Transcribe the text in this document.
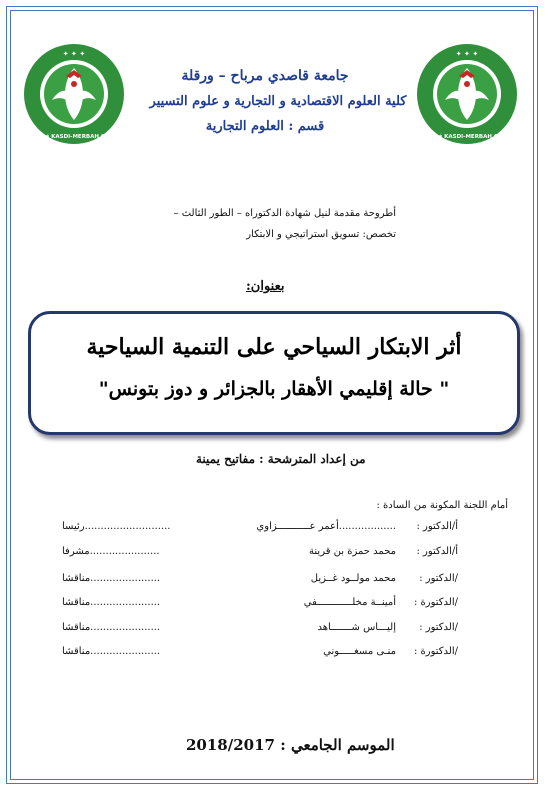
✦ ✦ ✦
Université KASDI-MERBAH OUARGLA
✦ ✦ ✦
Université KASDI-MERBAH OUARGLA
جامعة قاصدي مرباح – ورقلة
كلية العلوم الاقتصادية و التجارية و علوم التسيير
قسم : العلوم التجارية
أطروحة مقدمة لنيل شهادة الدكتوراه – الطور الثالث –
تخصص: تسويق استراتيجي و الابتكار
بعنوان:
أثر الابتكار السياحي على التنمية السياحية
" حالة إقليمي الأهقار بالجزائر و دوز بتونس"
من إعداد المترشحة : مفاتيح يمينة
أمام اللجنة المكونة من السادة :
أ/الدكتور :
..................أعمر عـــــــــــزاوي
...........................رئيسا
أ/الدكتور :
محمد حمزة بن قرينة
......................مشرفا
/الدكتور :
محمد مولــود غــزيل
......................مناقشا
/الدكتورة :
أمينــة مخلــــــــــــفي
......................مناقشا
/الدكتور :
إليـــاس شـــــــاهد
......................مناقشا
/الدكتورة :
منـى مسغـــــوني
......................مناقشا
الموسم الجامعي : 2018/2017
